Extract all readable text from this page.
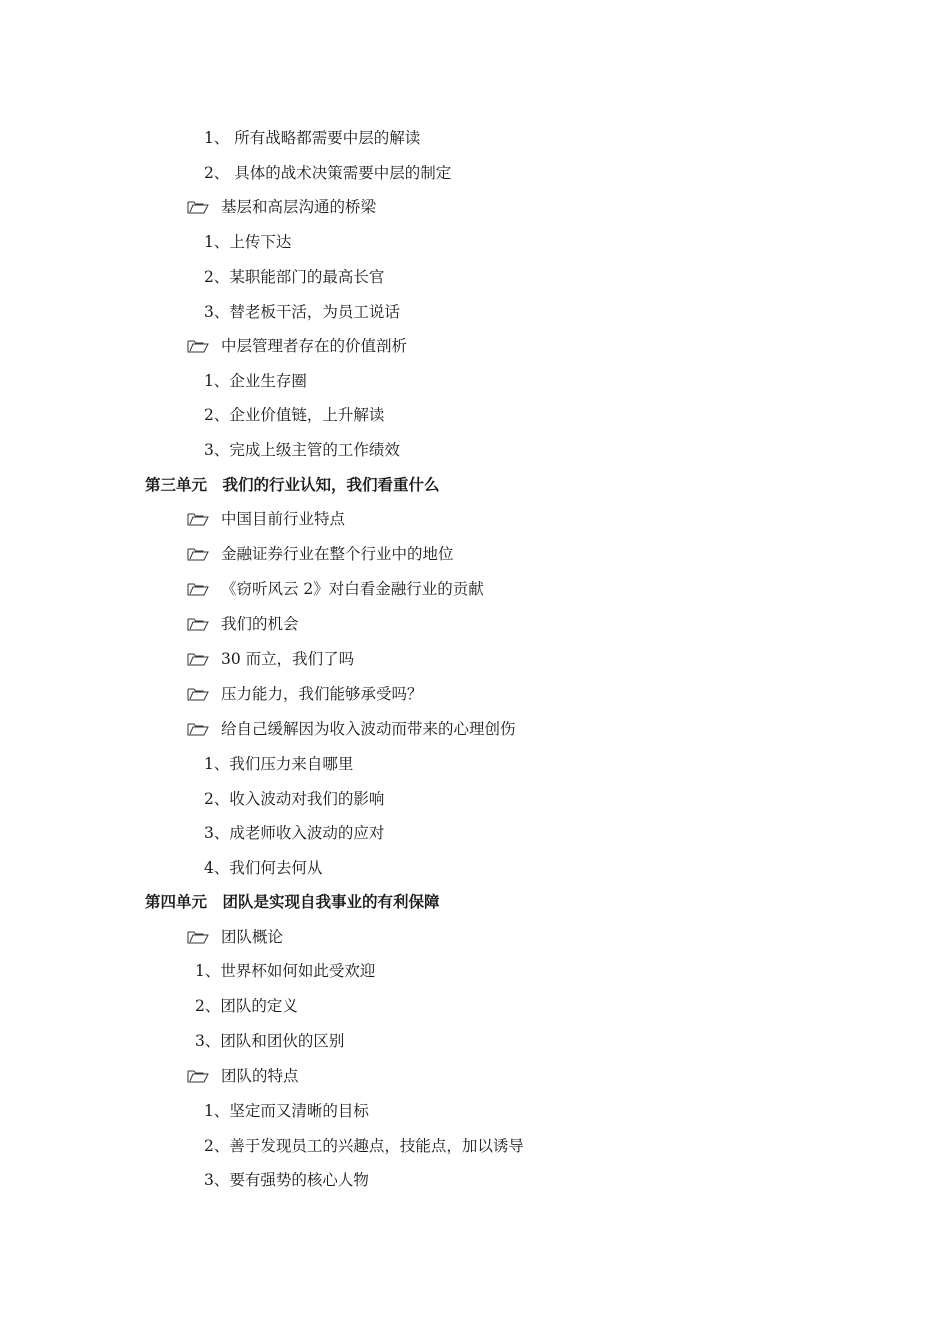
1、 所有战略都需要中层的解读
2、 具体的战术决策需要中层的制定
基层和高层沟通的桥梁
1、上传下达
2、某职能部门的最高长官
3、替老板干活，为员工说话
中层管理者存在的价值剖析
1、企业生存圈
2、企业价值链，上升解读
3、完成上级主管的工作绩效
第三单元　我们的行业认知，我们看重什么
中国目前行业特点
金融证券行业在整个行业中的地位
《窃听风云 2》对白看金融行业的贡献
我们的机会
30 而立，我们了吗
压力能力，我们能够承受吗？
给自己缓解因为收入波动而带来的心理创伤
1、我们压力来自哪里
2、收入波动对我们的影响
3、成老师收入波动的应对
4、我们何去何从
第四单元　团队是实现自我事业的有利保障
团队概论
1、世界杯如何如此受欢迎
2、团队的定义
3、团队和团伙的区别
团队的特点
1、坚定而又清晰的目标
2、善于发现员工的兴趣点，技能点，加以诱导
3、要有强势的核心人物
